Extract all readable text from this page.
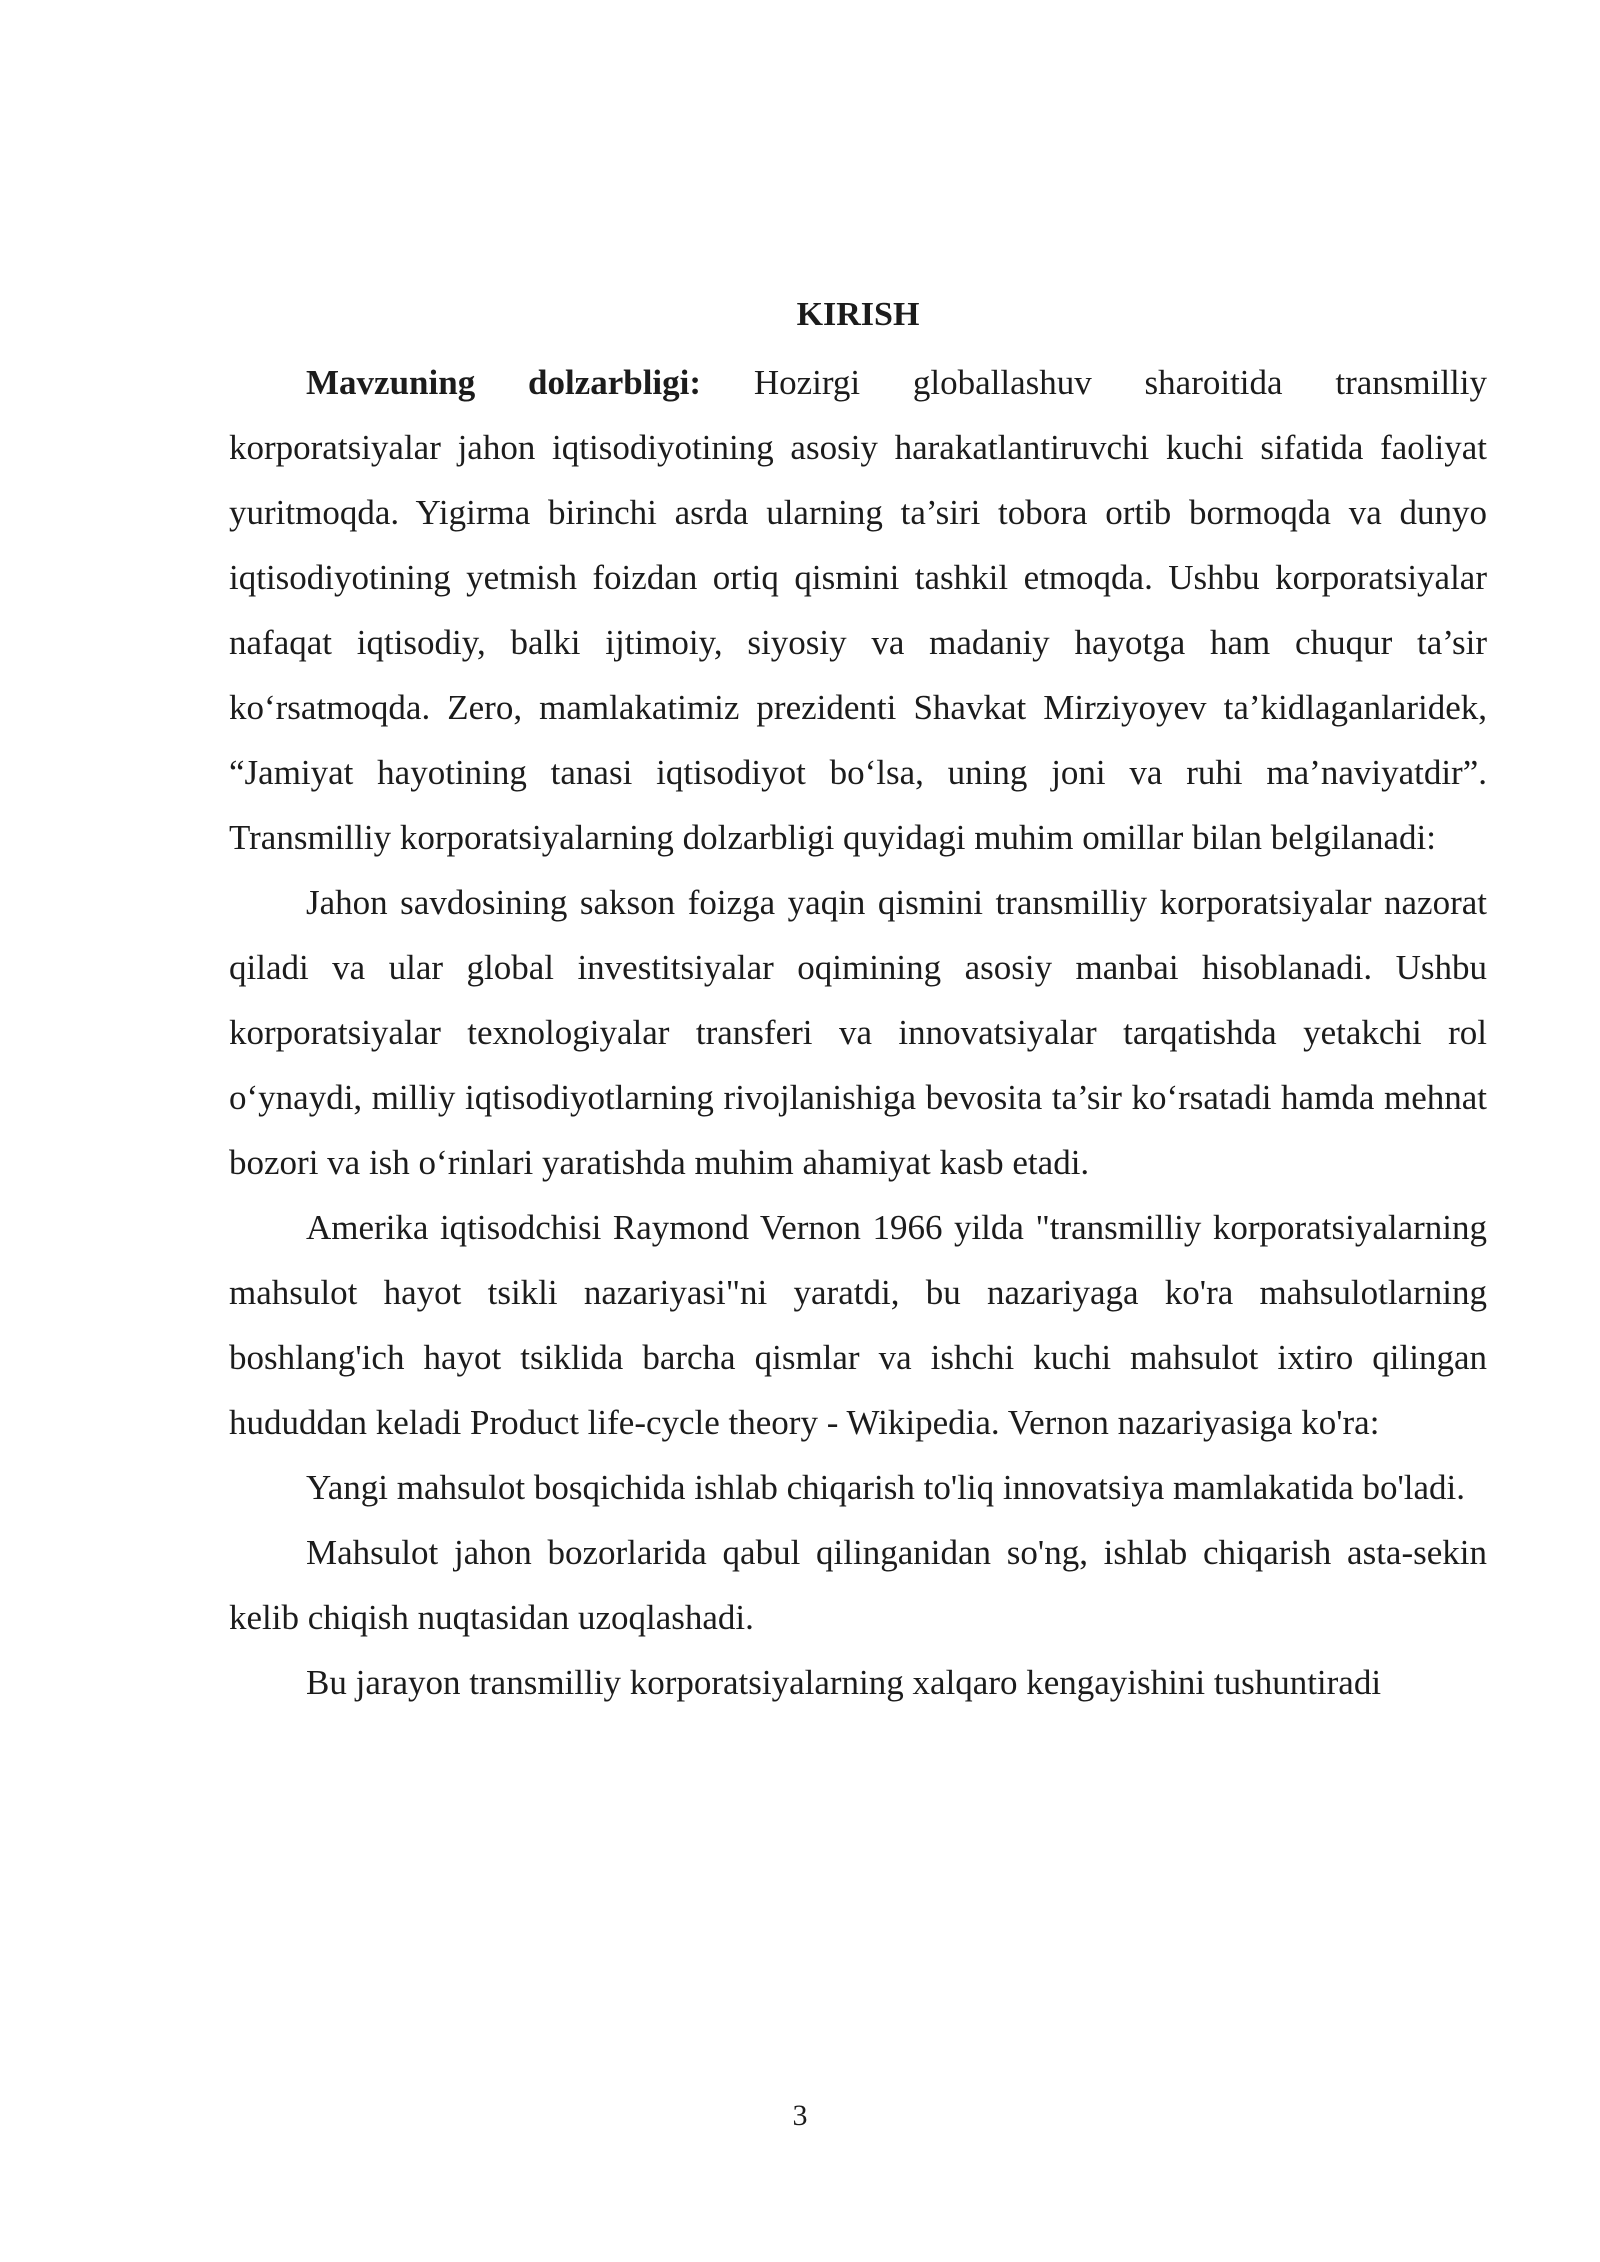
KIRISH

Mavzuning dolzarbligi: Hozirgi globallashuv sharoitida transmilliy korporatsiyalar jahon iqtisodiyotining asosiy harakatlantiruvchi kuchi sifatida faoliyat yuritmoqda. Yigirma birinchi asrda ularning ta’siri tobora ortib bormoqda va dunyo iqtisodiyotining yetmish foizdan ortiq qismini tashkil etmoqda. Ushbu korporatsiyalar nafaqat iqtisodiy, balki ijtimoiy, siyosiy va madaniy hayotga ham chuqur ta’sir ko‘rsatmoqda. Zero, mamlakatimiz prezidenti Shavkat Mirziyoyev ta’kidlaganlaridek, “Jamiyat hayotining tanasi iqtisodiyot bo‘lsa, uning joni va ruhi ma’naviyatdir”. Transmilliy korporatsiyalarning dolzarbligi quyidagi muhim omillar bilan belgilanadi:

Jahon savdosining sakson foizga yaqin qismini transmilliy korporatsiyalar nazorat qiladi va ular global investitsiyalar oqimining asosiy manbai hisoblanadi. Ushbu korporatsiyalar texnologiyalar transferi va innovatsiyalar tarqatishda yetakchi rol o‘ynaydi, milliy iqtisodiyotlarning rivojlanishiga bevosita ta’sir ko‘rsatadi hamda mehnat bozori va ish o‘rinlari yaratishda muhim ahamiyat kasb etadi.

Amerika iqtisodchisi Raymond Vernon 1966 yilda "transmilliy korporatsiyalarning mahsulot hayot tsikli nazariyasi"ni yaratdi, bu nazariyaga ko'ra mahsulotlarning boshlang'ich hayot tsiklida barcha qismlar va ishchi kuchi mahsulot ixtiro qilingan hududdan keladi Product life-cycle theory - Wikipedia. Vernon nazariyasiga ko'ra:

Yangi mahsulot bosqichida ishlab chiqarish to'liq innovatsiya mamlakatida bo'ladi.

Mahsulot jahon bozorlarida qabul qilinganidan so'ng, ishlab chiqarish asta-sekin kelib chiqish nuqtasidan uzoqlashadi.

Bu jarayon transmilliy korporatsiyalarning xalqaro kengayishini tushuntiradi

3
